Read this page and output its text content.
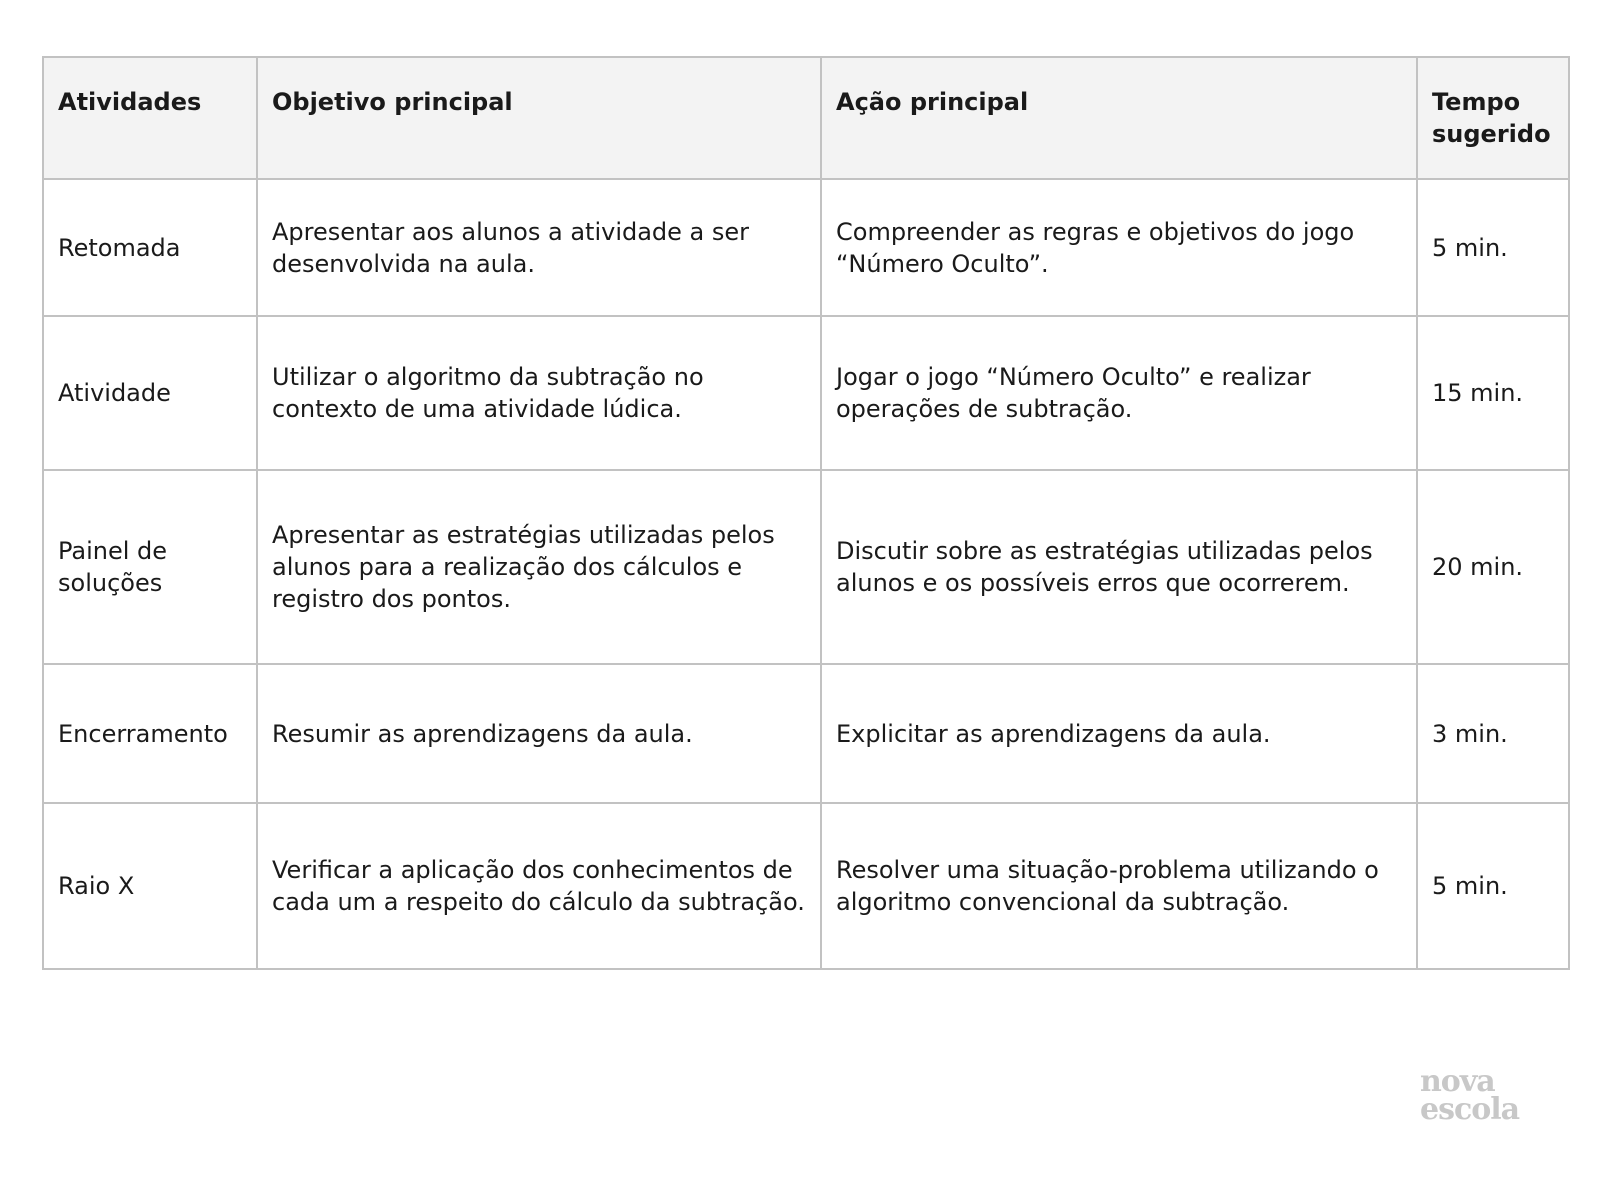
Atividades	Objetivo principal	Ação principal	Tempo sugerido
Retomada	Apresentar aos alunos a atividade a ser desenvolvida na aula.	Compreender as regras e objetivos do jogo “Número Oculto”.	5 min.
Atividade	Utilizar o algoritmo da subtração no contexto de uma atividade lúdica.	Jogar o jogo “Número Oculto” e realizar operações de subtração.	15 min.
Painel de soluções	Apresentar as estratégias utilizadas pelos alunos para a realização dos cálculos e registro dos pontos.	Discutir sobre as estratégias utilizadas pelos alunos e os possíveis erros que ocorrerem.	20 min.
Encerramento	Resumir as aprendizagens da aula.	Explicitar as aprendizagens da aula.	3 min.
Raio X	Verificar a aplicação dos conhecimentos de cada um a respeito do cálculo da subtração.	Resolver uma situação-problema utilizando o algoritmo convencional da subtração.	5 min.
nova
escola
